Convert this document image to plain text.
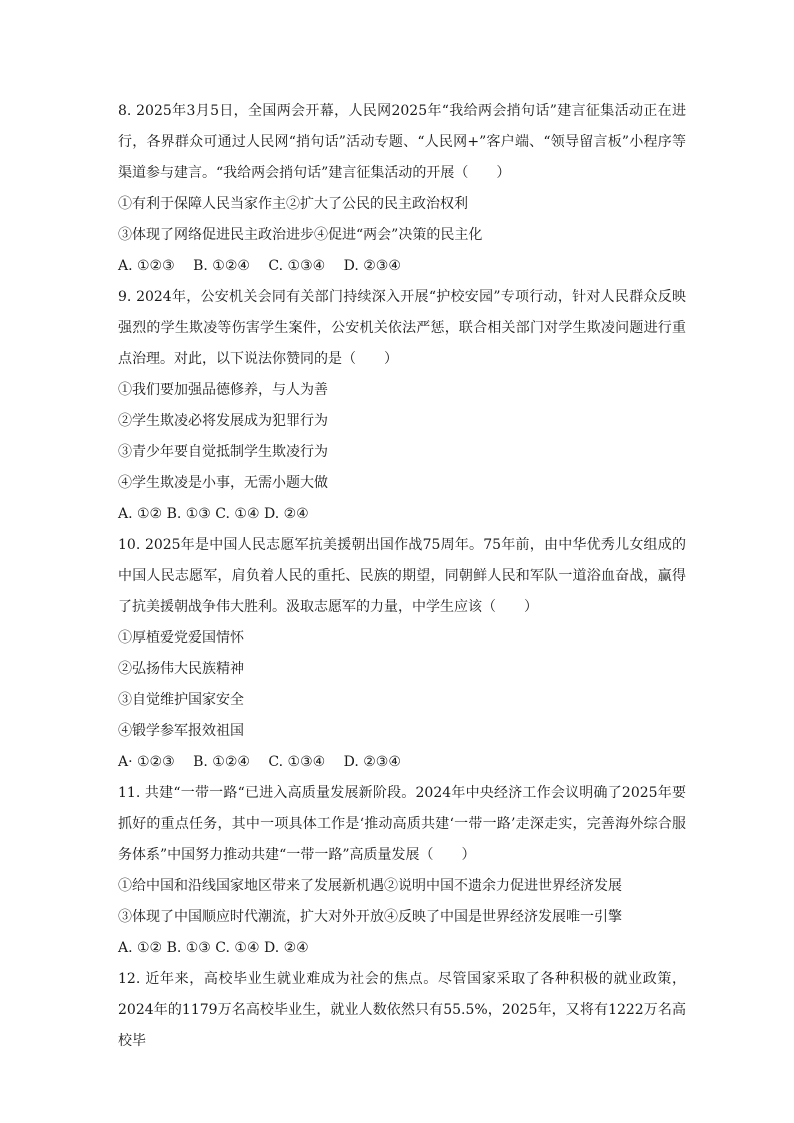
8. 2025年3月5日，全国两会开幕，人民网2025年“我给两会捎句话”建言征集活动正在进行，各界群众可通过人民网“捎句话”活动专题、“人民网+”客户端、“领导留言板”小程序等渠道参与建言。“我给两会捎句话”建言征集活动的开展（　　）

①有利于保障人民当家作主②扩大了公民的民主政治权利

③体现了网络促进民主政治进步④促进“两会”决策的民主化

A. ①②③　 B. ①②④　 C. ①③④　 D. ②③④

9. 2024年，公安机关会同有关部门持续深入开展“护校安园”专项行动，针对人民群众反映强烈的学生欺凌等伤害学生案件，公安机关依法严惩，联合相关部门对学生欺凌问题进行重点治理。对此，以下说法你赞同的是（　　）

①我们要加强品德修养，与人为善

②学生欺凌必将发展成为犯罪行为

③青少年要自觉抵制学生欺凌行为

④学生欺凌是小事，无需小题大做

A. ①② B. ①③ C. ①④ D. ②④

10. 2025年是中国人民志愿军抗美援朝出国作战75周年。75年前，由中华优秀儿女组成的中国人民志愿军，肩负着人民的重托、民族的期望，同朝鲜人民和军队一道浴血奋战，赢得了抗美援朝战争伟大胜利。汲取志愿军的力量，中学生应该（　　）

①厚植爱党爱国情怀

②弘扬伟大民族精神

③自觉维护国家安全

④锻学参军报效祖国

A· ①②③　 B. ①②④　 C. ①③④　 D. ②③④

11. 共建“一带一路“已进入高质量发展新阶段。2024年中央经济工作会议明确了2025年要抓好的重点任务，其中一项具体工作是‘推动高质共建‘一带一路’走深走实，完善海外综合服务体系”中国努力推动共建“一带一路”高质量发展（　　）

①给中国和沿线国家地区带来了发展新机遇②说明中国不遗余力促进世界经济发展

③体现了中国顺应时代潮流，扩大对外开放④反映了中国是世界经济发展唯一引擎

A. ①② B. ①③ C. ①④ D. ②④

12. 近年来，高校毕业生就业难成为社会的焦点。尽管国家采取了各种积极的就业政策，2024年的1179万名高校毕业生，就业人数依然只有55.5%，2025年，又将有1222万名高校毕
